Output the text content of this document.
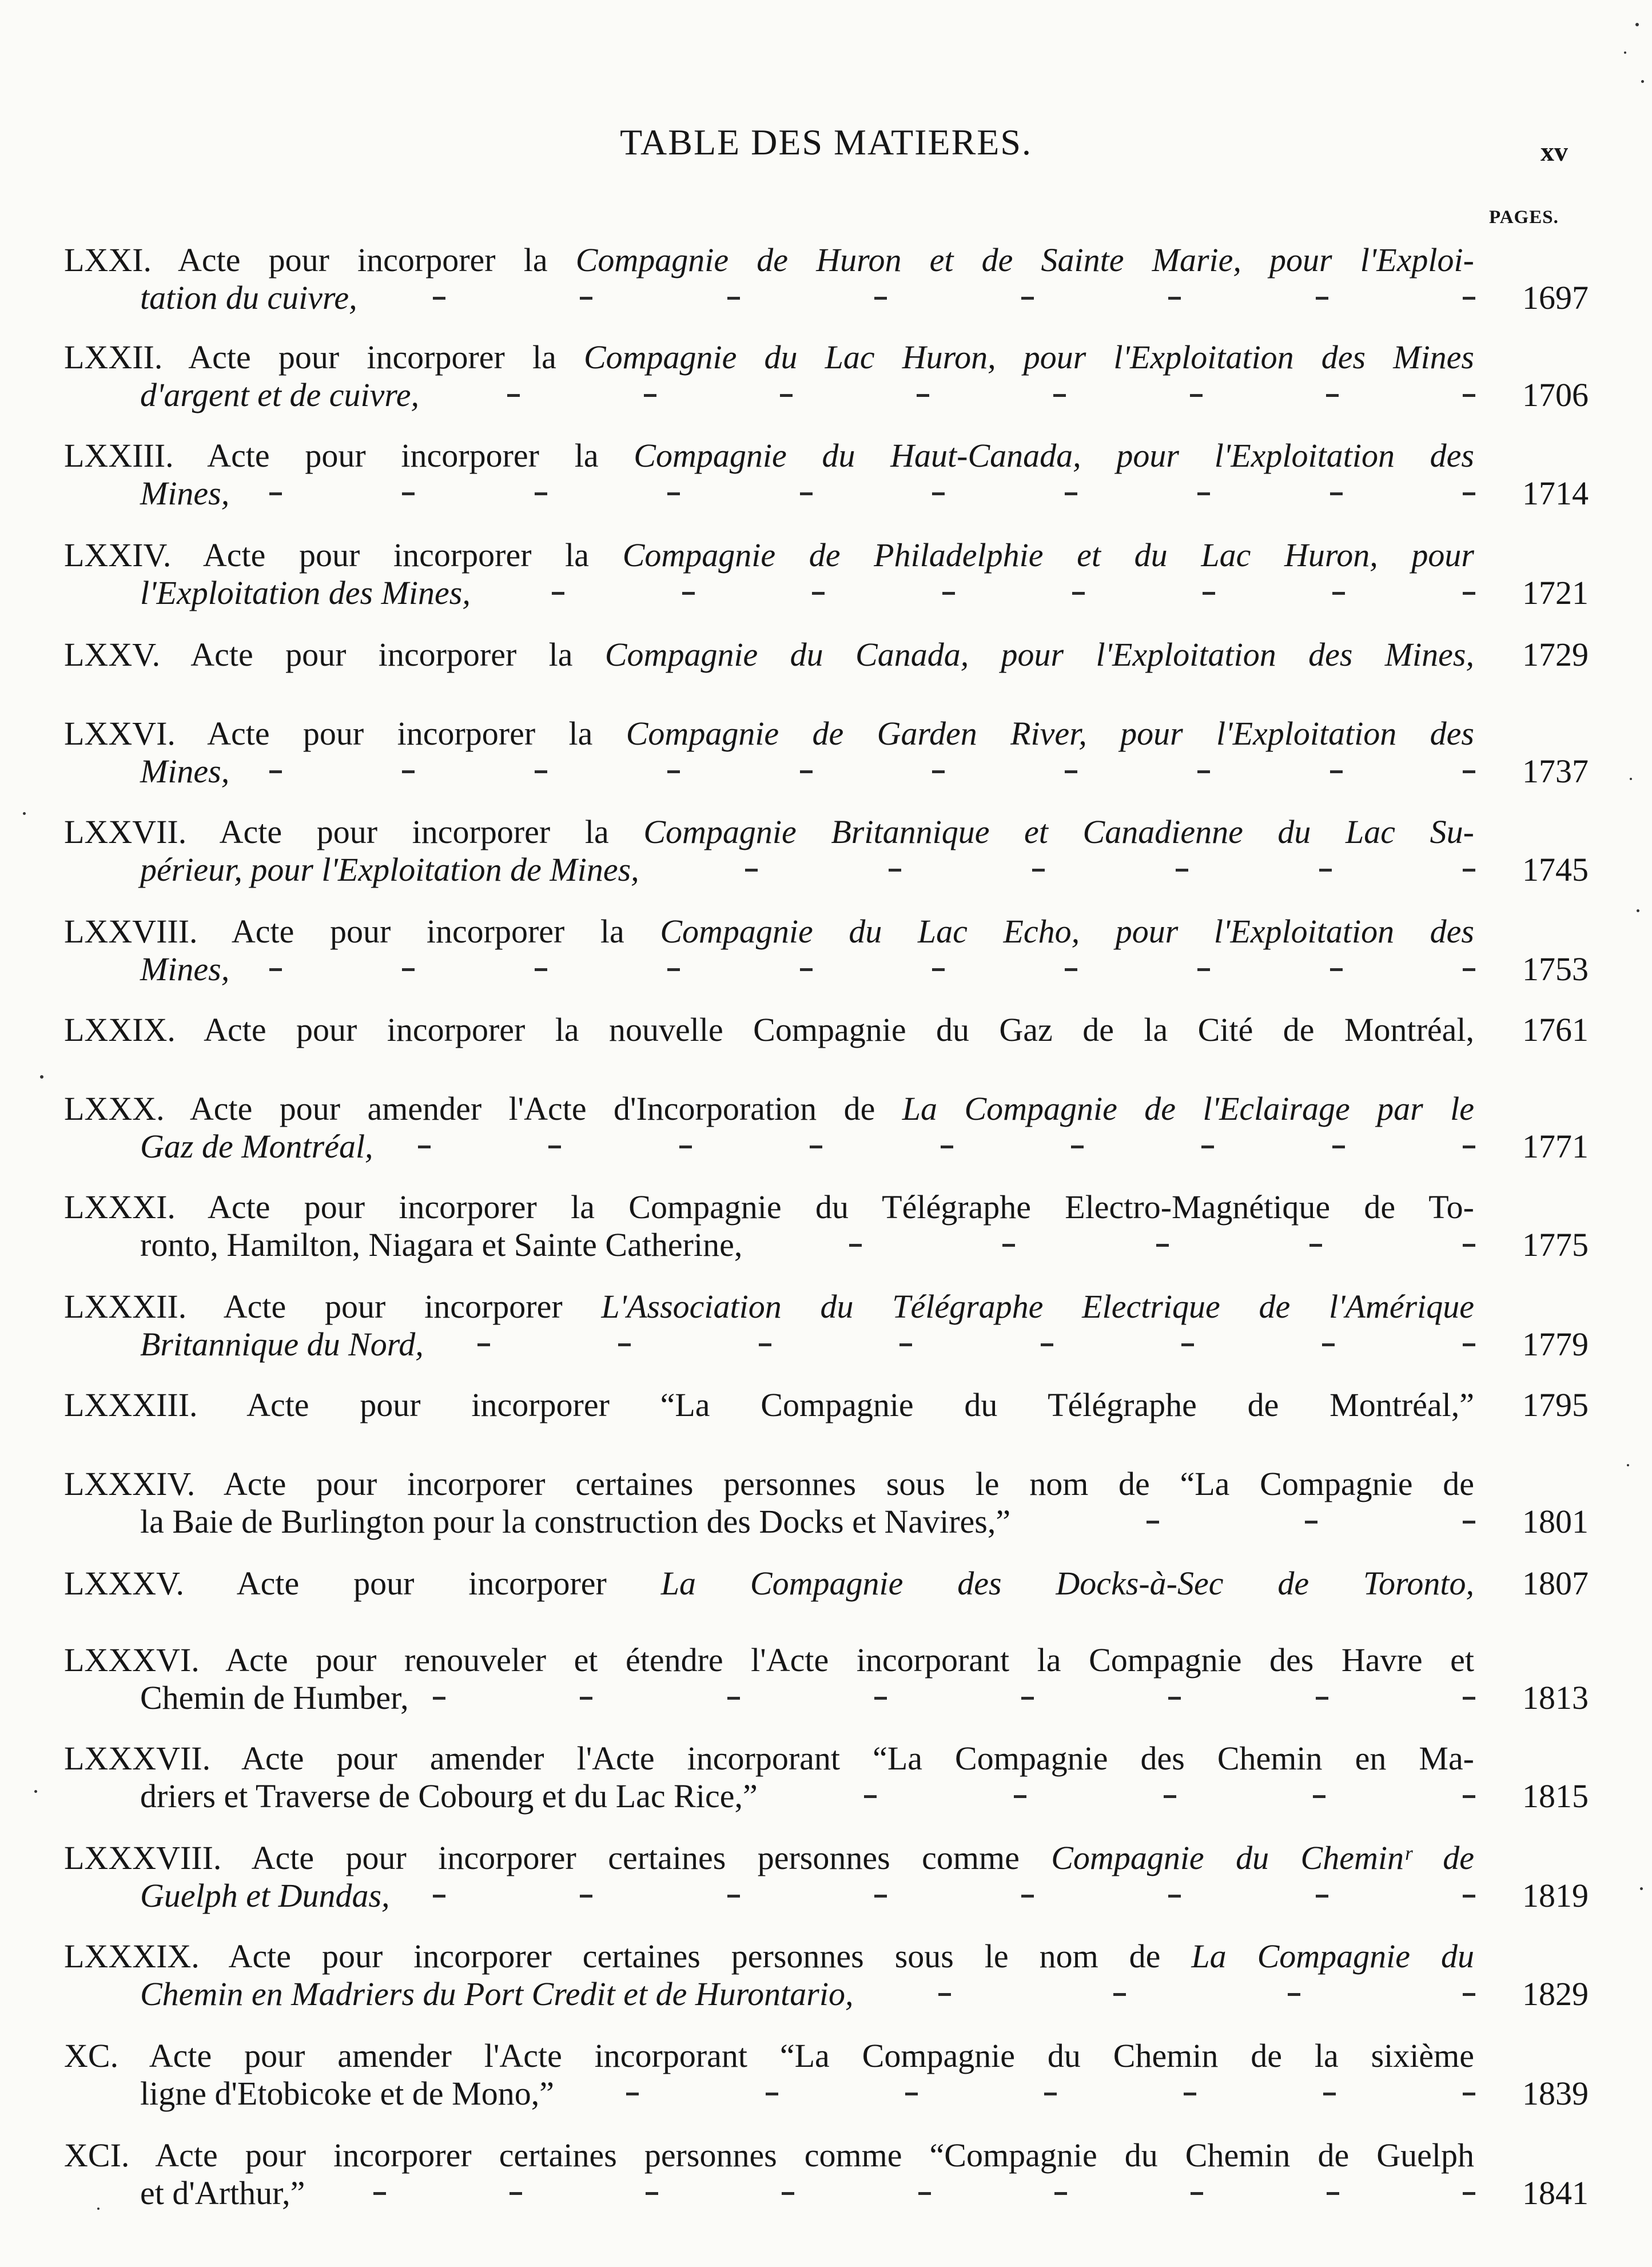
TABLE DES MATIERES.	xv
PAGES.
LXXI. Acte pour incorporer la Compagnie de Huron et de Sainte Marie, pour l'Exploi-
tation du cuivre,	1697
LXXII. Acte pour incorporer la Compagnie du Lac Huron, pour l'Exploitation des Mines
d'argent et de cuivre,	1706
LXXIII. Acte pour incorporer la Compagnie du Haut-Canada, pour l'Exploitation des
Mines,	1714
LXXIV. Acte pour incorporer la Compagnie de Philadelphie et du Lac Huron, pour
l'Exploitation des Mines,	1721
LXXV. Acte pour incorporer la Compagnie du Canada, pour l'Exploitation des Mines,	1729
LXXVI. Acte pour incorporer la Compagnie de Garden River, pour l'Exploitation des
Mines,	1737
LXXVII. Acte pour incorporer la Compagnie Britannique et Canadienne du Lac Su-
périeur, pour l'Exploitation de Mines,	1745
LXXVIII. Acte pour incorporer la Compagnie du Lac Echo, pour l'Exploitation des
Mines,	1753
LXXIX. Acte pour incorporer la nouvelle Compagnie du Gaz de la Cité de Montréal,	1761
LXXX. Acte pour amender l'Acte d'Incorporation de La Compagnie de l'Eclairage par le
Gaz de Montréal,	1771
LXXXI. Acte pour incorporer la Compagnie du Télégraphe Electro-Magnétique de To-
ronto, Hamilton, Niagara et Sainte Catherine,	1775
LXXXII. Acte pour incorporer L'Association du Télégraphe Electrique de l'Amérique
Britannique du Nord,	1779
LXXXIII. Acte pour incorporer “La Compagnie du Télégraphe de Montréal,”	1795
LXXXIV. Acte pour incorporer certaines personnes sous le nom de “La Compagnie de
la Baie de Burlington pour la construction des Docks et Navires,”	1801
LXXXV. Acte pour incorporer La Compagnie des Docks-à-Sec de Toronto,	1807
LXXXVI. Acte pour renouveler et étendre l'Acte incorporant la Compagnie des Havre et
Chemin de Humber,	1813
LXXXVII. Acte pour amender l'Acte incorporant “La Compagnie des Chemin en Ma-
driers et Traverse de Cobourg et du Lac Rice,”	1815
LXXXVIII. Acte pour incorporer certaines personnes comme Compagnie du Cheminʳ de
Guelph et Dundas,	1819
LXXXIX. Acte pour incorporer certaines personnes sous le nom de La Compagnie du
Chemin en Madriers du Port Credit et de Hurontario,	1829
XC. Acte pour amender l'Acte incorporant “La Compagnie du Chemin de la sixième
ligne d'Etobicoke et de Mono,”	1839
XCI. Acte pour incorporer certaines personnes comme “Compagnie du Chemin de Guelph
et d'Arthur,”	1841
